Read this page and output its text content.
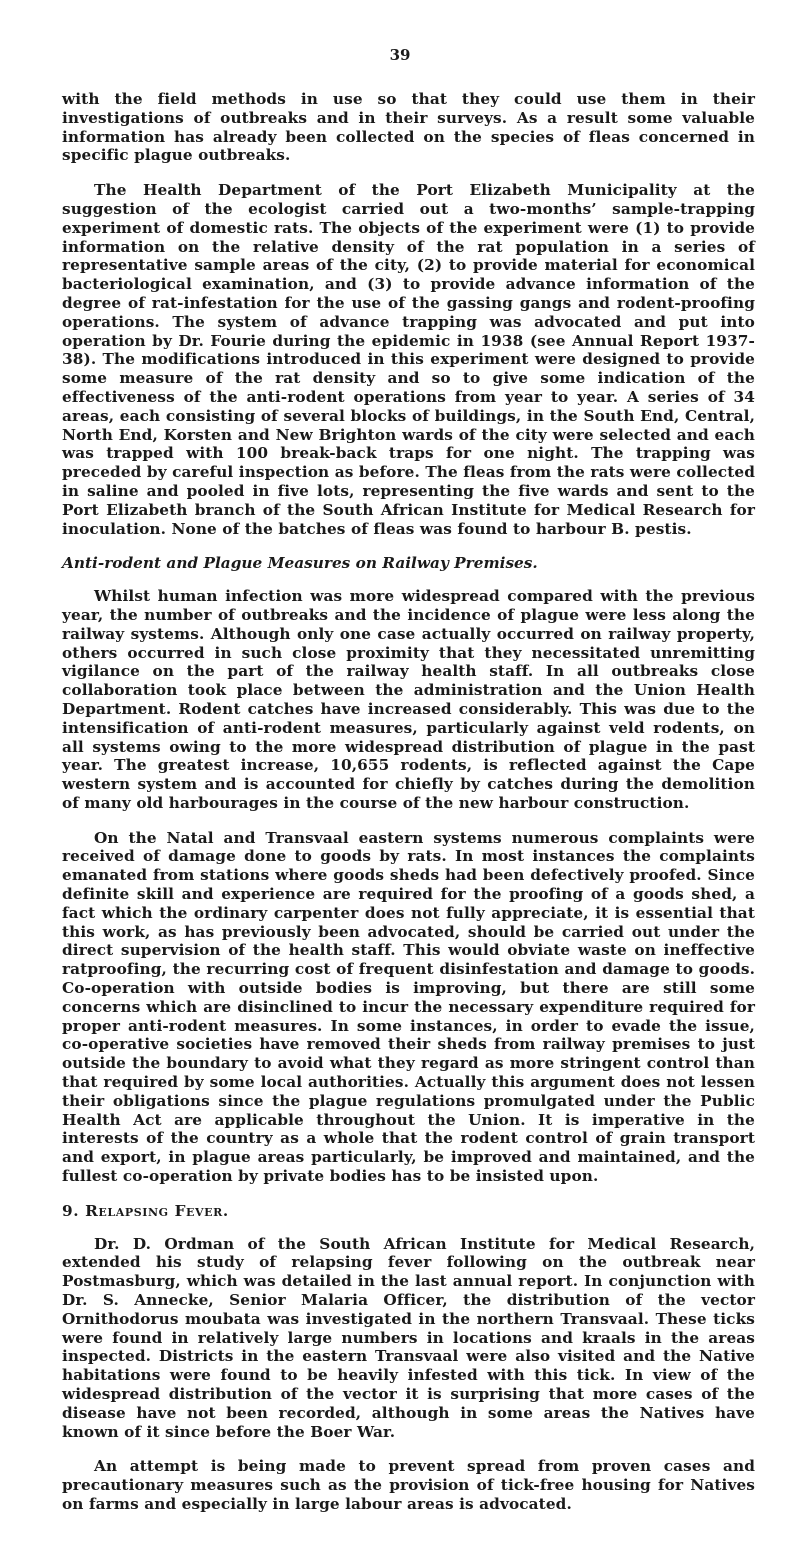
39

with the field methods in use so that they could use them in their investigations of outbreaks and in their surveys. As a result some valuable information has already been collected on the species of fleas concerned in specific plague outbreaks.

The Health Department of the Port Elizabeth Municipality at the suggestion of the ecologist carried out a two-months’ sample-trapping experiment of domestic rats. The objects of the experiment were (1) to provide information on the relative density of the rat population in a series of representative sample areas of the city, (2) to provide material for economical bacteriological examination, and (3) to provide advance information of the degree of rat-infestation for the use of the gassing gangs and rodent-proofing operations. The system of advance trapping was advocated and put into operation by Dr. Fourie during the epidemic in 1938 (see Annual Report 1937-38). The modifications introduced in this experiment were designed to provide some measure of the rat density and so to give some indication of the effectiveness of the anti-rodent operations from year to year. A series of 34 areas, each consisting of several blocks of buildings, in the South End, Central, North End, Korsten and New Brighton wards of the city were selected and each was trapped with 100 break-back traps for one night. The trapping was preceded by careful inspection as before. The fleas from the rats were collected in saline and pooled in five lots, representing the five wards and sent to the Port Elizabeth branch of the South African Institute for Medical Research for inoculation. None of the batches of fleas was found to harbour B. pestis.

Anti-rodent and Plague Measures on Railway Premises.

Whilst human infection was more widespread compared with the previous year, the number of outbreaks and the incidence of plague were less along the railway systems. Although only one case actually occurred on railway property, others occurred in such close proximity that they necessitated unremitting vigilance on the part of the railway health staff. In all outbreaks close collaboration took place between the administration and the Union Health Department. Rodent catches have increased considerably. This was due to the intensification of anti-rodent measures, particularly against veld rodents, on all systems owing to the more widespread distribution of plague in the past year. The greatest increase, 10,655 rodents, is reflected against the Cape western system and is accounted for chiefly by catches during the demolition of many old harbourages in the course of the new harbour construction.

On the Natal and Transvaal eastern systems numerous complaints were received of damage done to goods by rats. In most instances the complaints emanated from stations where goods sheds had been defectively proofed. Since definite skill and experience are required for the proofing of a goods shed, a fact which the ordinary carpenter does not fully appreciate, it is essential that this work, as has previously been advocated, should be carried out under the direct supervision of the health staff. This would obviate waste on ineffective ratproofing, the recurring cost of frequent disinfestation and damage to goods. Co-operation with outside bodies is improving, but there are still some concerns which are disinclined to incur the necessary expenditure required for proper anti-rodent measures. In some instances, in order to evade the issue, co-operative societies have removed their sheds from railway premises to just outside the boundary to avoid what they regard as more stringent control than that required by some local authorities. Actually this argument does not lessen their obligations since the plague regulations promulgated under the Public Health Act are applicable throughout the Union. It is imperative in the interests of the country as a whole that the rodent control of grain transport and export, in plague areas particularly, be improved and maintained, and the fullest co-operation by private bodies has to be insisted upon.

9. Relapsing Fever.

Dr. D. Ordman of the South African Institute for Medical Research, extended his study of relapsing fever following on the outbreak near Postmasburg, which was detailed in the last annual report. In conjunction with Dr. S. Annecke, Senior Malaria Officer, the distribution of the vector Ornithodorus moubata was investigated in the northern Transvaal. These ticks were found in relatively large numbers in locations and kraals in the areas inspected. Districts in the eastern Transvaal were also visited and the Native habitations were found to be heavily infested with this tick. In view of the widespread distribution of the vector it is surprising that more cases of the disease have not been recorded, although in some areas the Natives have known of it since before the Boer War.

An attempt is being made to prevent spread from proven cases and precautionary measures such as the provision of tick-free housing for Natives on farms and especially in large labour areas is advocated.
